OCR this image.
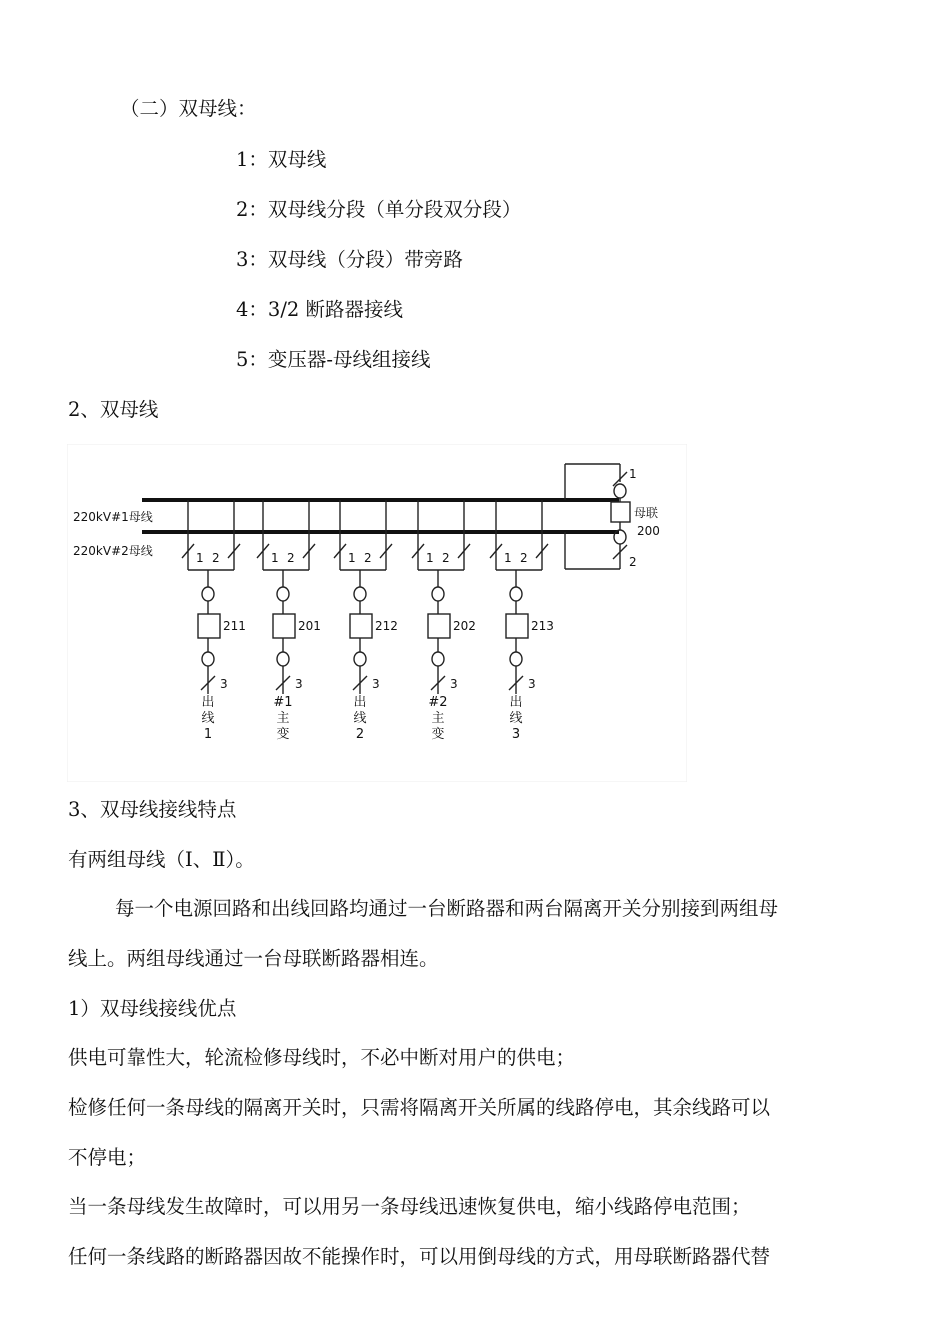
（二）双母线：
1：双母线
2：双母线分段（单分段双分段）
3：双母线（分段）带旁路
4：3/2 断路器接线
5：变压器-母线组接线
2、双母线
220kV#1母线
220kV#2母线
1
母联
200
2
1 2
211
3
出
线
1
1 2
201
3
#1
主
变
1 2
212
3
出
线
2
1 2
202
3
#2
主
变
1 2
213
3
出
线
3
3、双母线接线特点
有两组母线（Ⅰ、Ⅱ）。
每一个电源回路和出线回路均通过一台断路器和两台隔离开关分别接到两组母
线上。两组母线通过一台母联断路器相连。
1）双母线接线优点
供电可靠性大，轮流检修母线时，不必中断对用户的供电；
检修任何一条母线的隔离开关时，只需将隔离开关所属的线路停电，其余线路可以
不停电；
当一条母线发生故障时，可以用另一条母线迅速恢复供电，缩小线路停电范围；
任何一条线路的断路器因故不能操作时，可以用倒母线的方式，用母联断路器代替
